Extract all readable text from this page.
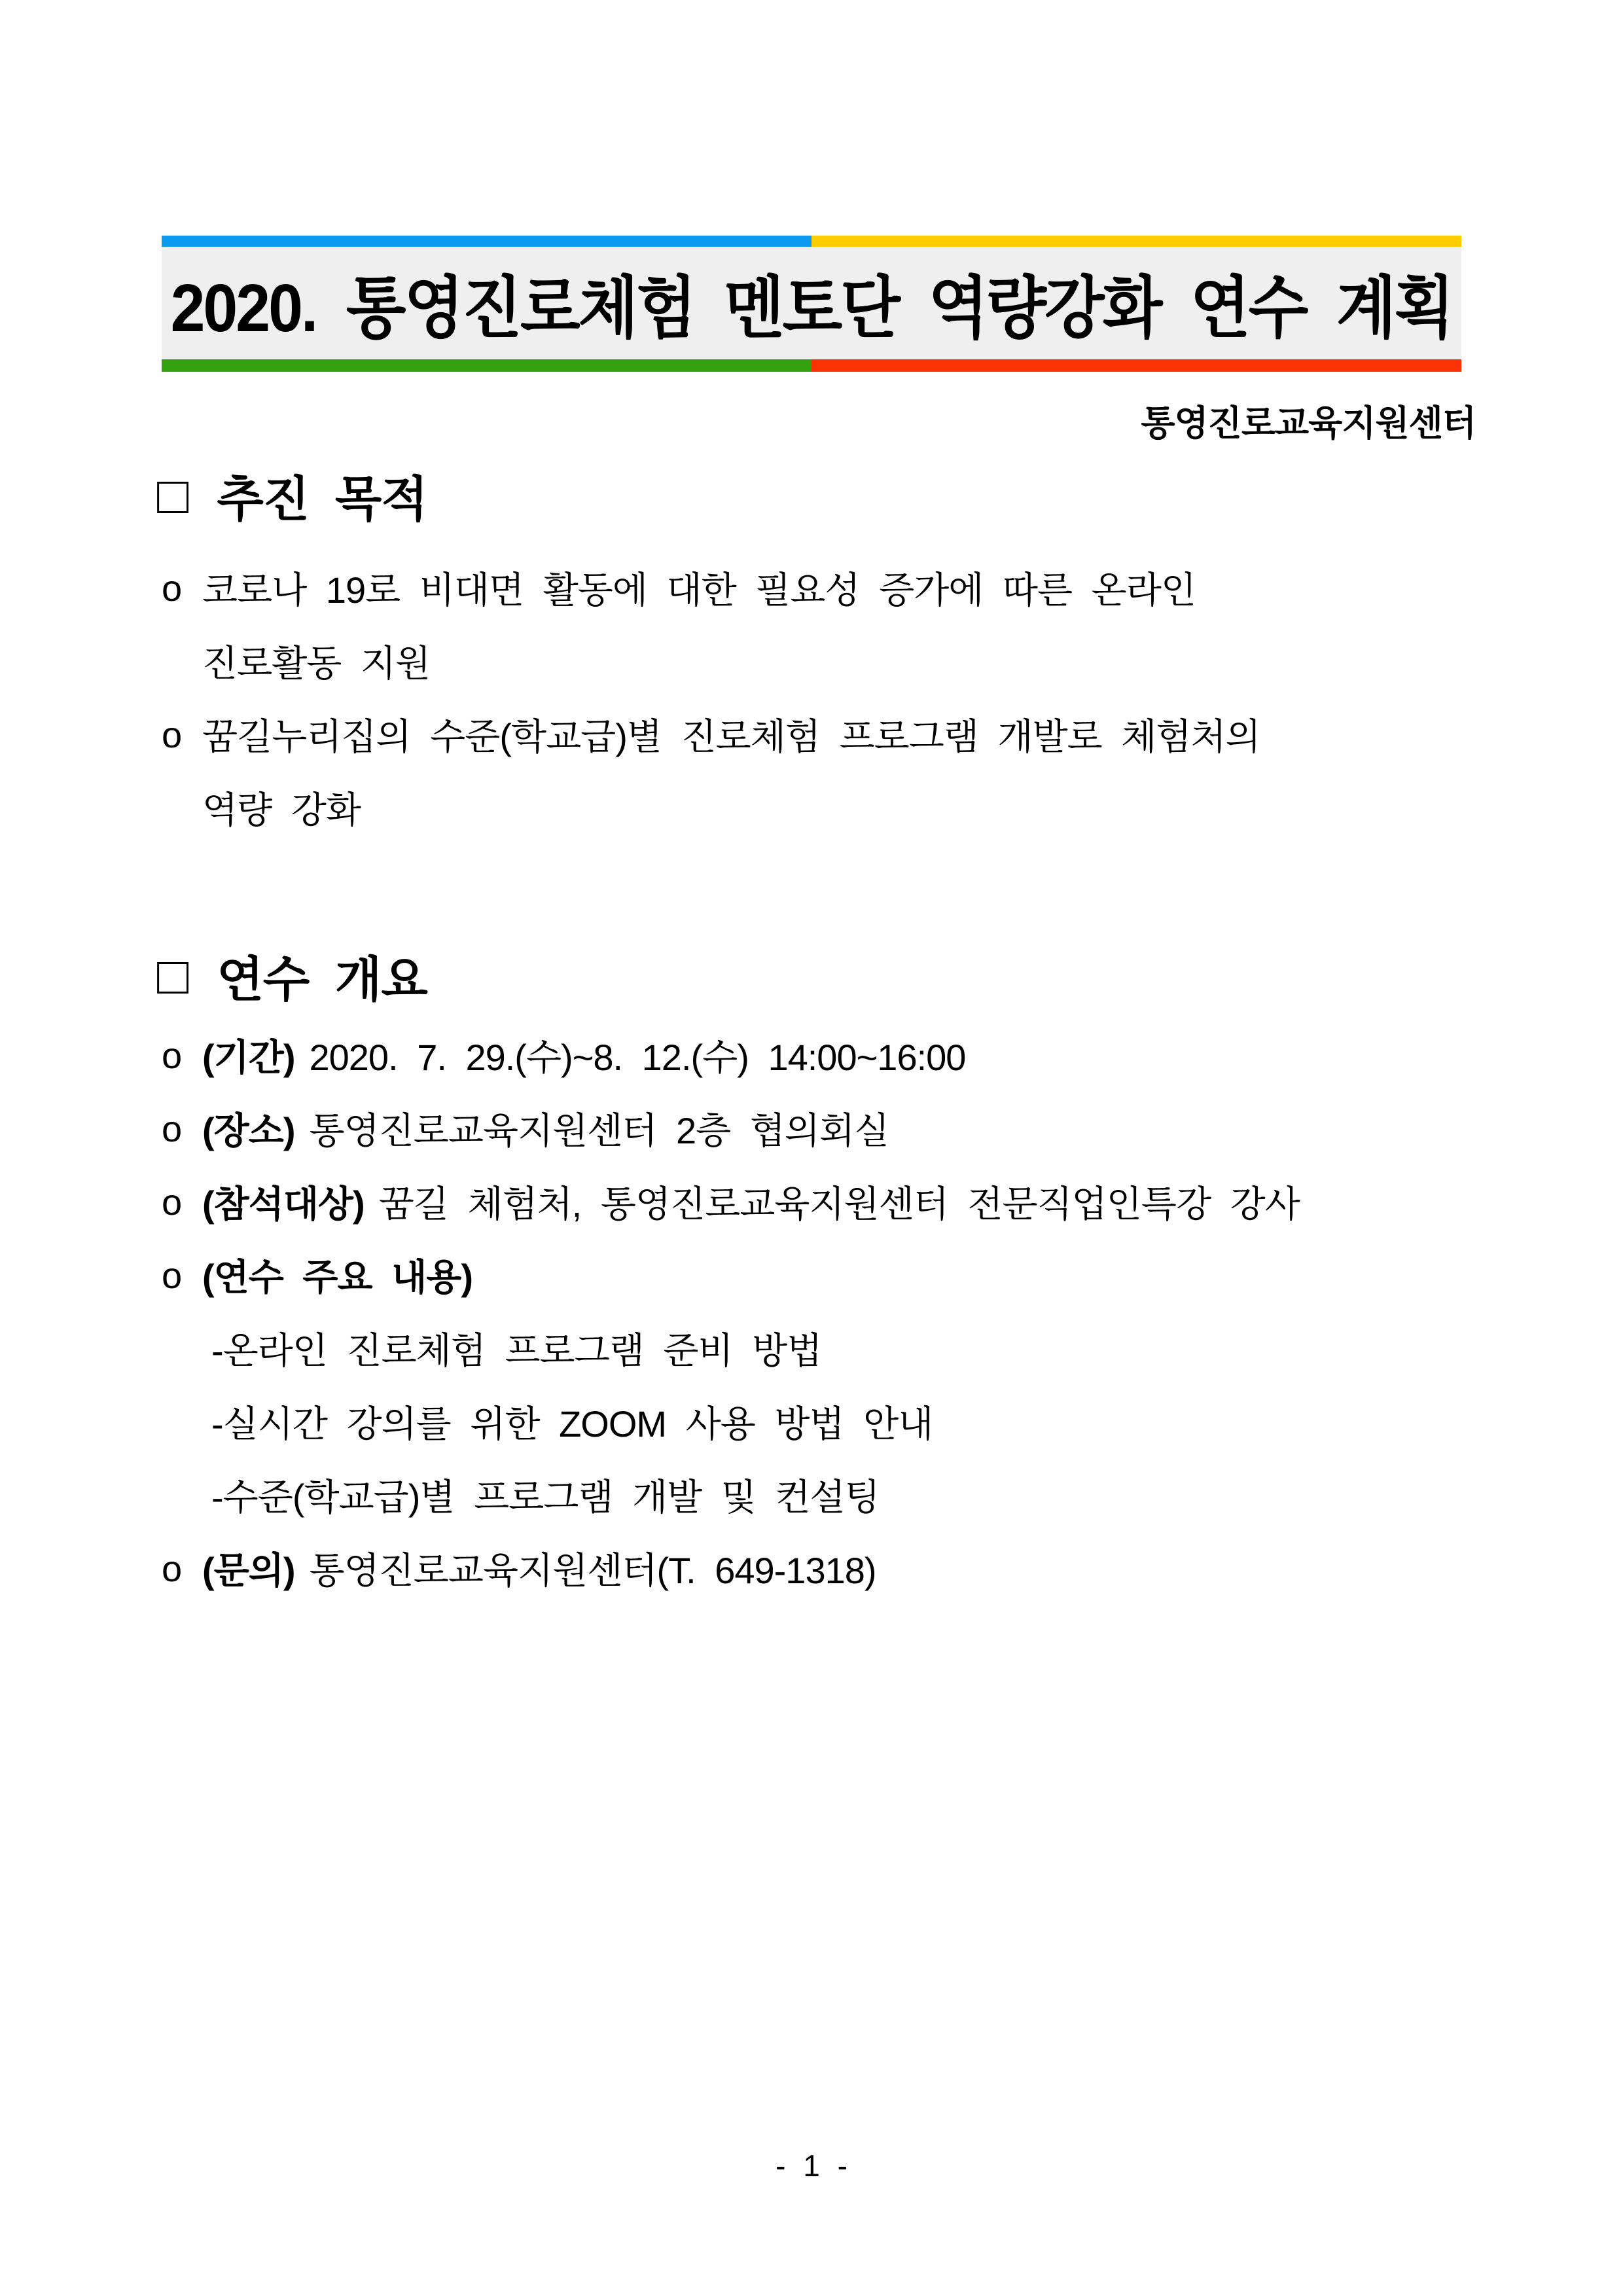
2020. 통영진로체험 멘토단 역량강화 연수 계획
통영진로교육지원센터
□ 추진 목적
o 코로나 19로 비대면 활동에 대한 필요성 증가에 따른 온라인
진로활동 지원
o 꿈길누리집의 수준(학교급)별 진로체험 프로그램 개발로 체험처의
역량 강화
□ 연수 개요
o (기간) 2020. 7. 29.(수)~8. 12.(수) 14:00~16:00
o (장소) 통영진로교육지원센터 2층 협의회실
o (참석대상) 꿈길 체험처, 통영진로교육지원센터 전문직업인특강 강사
o (연수 주요 내용)
-온라인 진로체험 프로그램 준비 방법
-실시간 강의를 위한 ZOOM 사용 방법 안내
-수준(학교급)별 프로그램 개발 및 컨설팅
o (문의) 통영진로교육지원센터(T. 649-1318)
- 1 -
